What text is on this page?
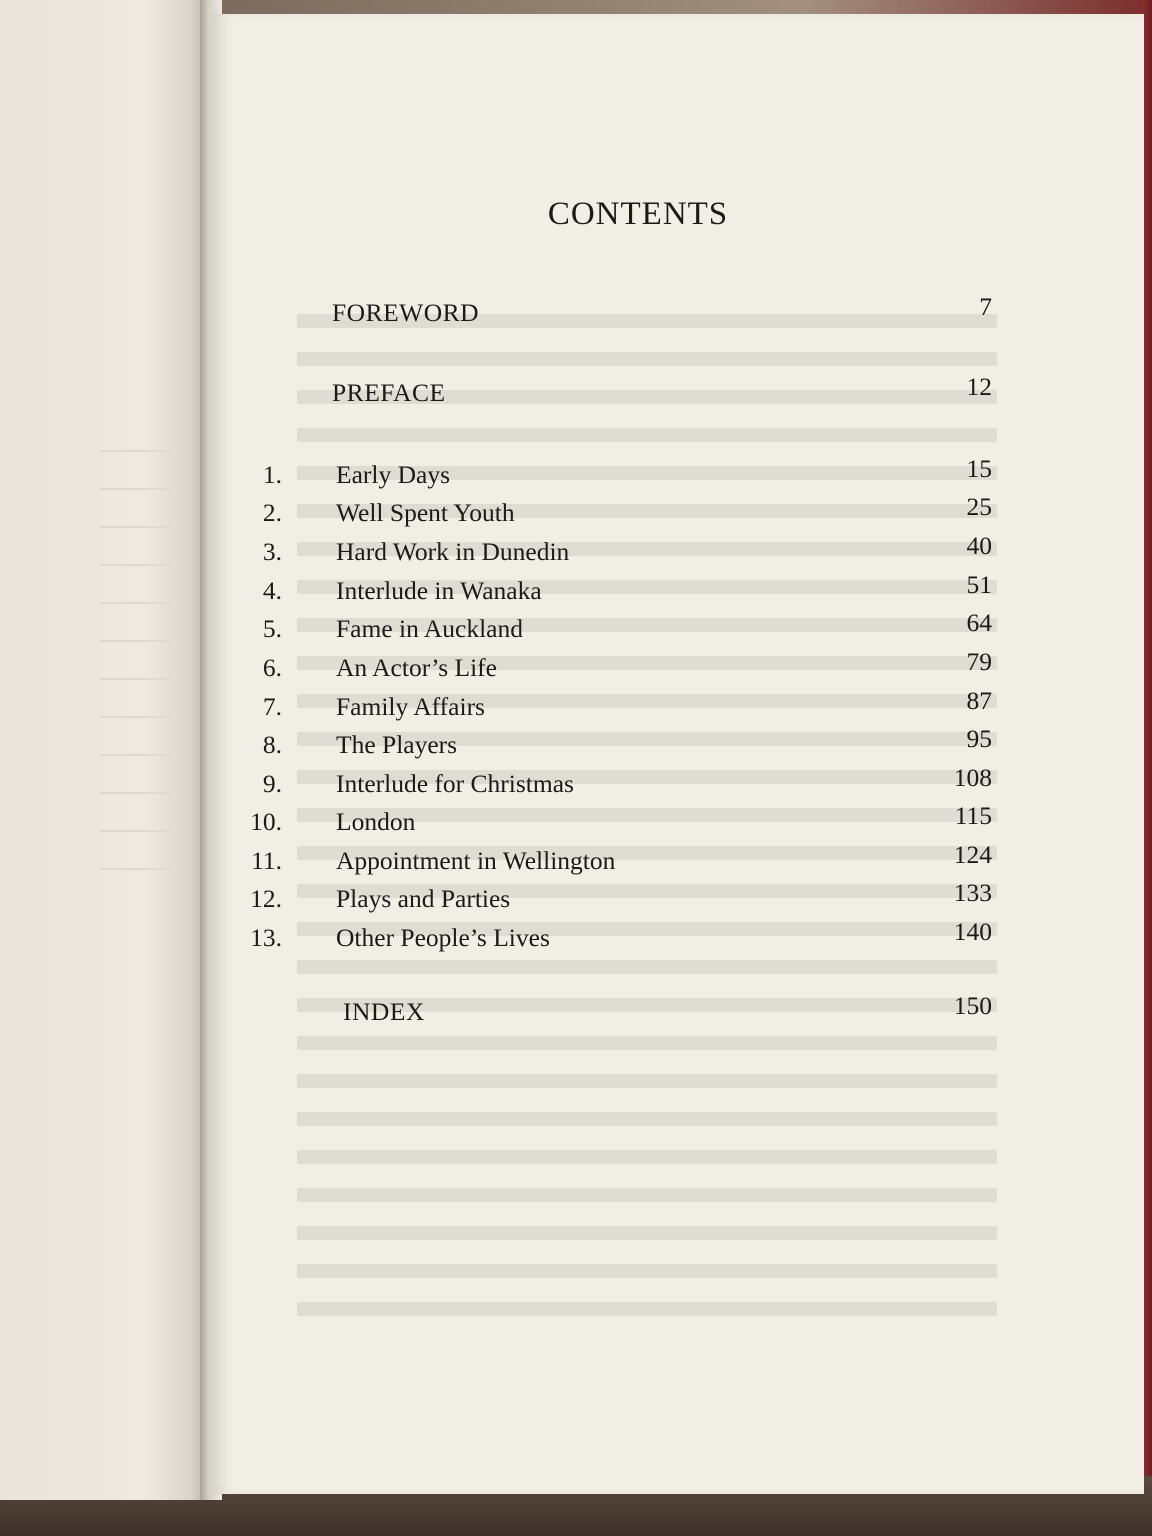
CONTENTS
FOREWORD	7
PREFACE	12
1. Early Days	15
2. Well Spent Youth	25
3. Hard Work in Dunedin	40
4. Interlude in Wanaka	51
5. Fame in Auckland	64
6. An Actor’s Life	79
7. Family Affairs	87
8. The Players	95
9. Interlude for Christmas	108
10. London	115
11. Appointment in Wellington	124
12. Plays and Parties	133
13. Other People’s Lives	140
INDEX	150
